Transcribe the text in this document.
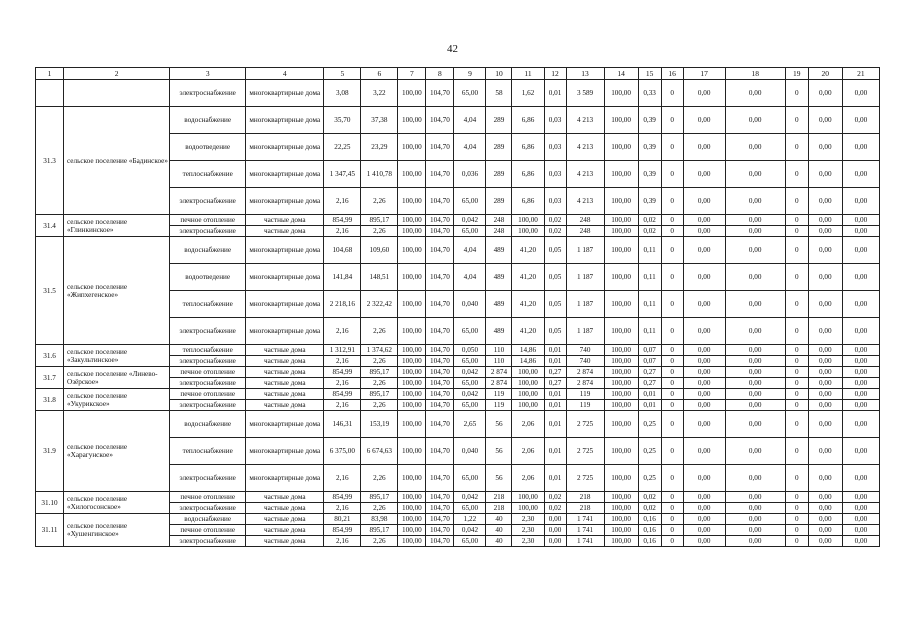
42
1	2	3	4	5	6	7	8	9	10	11	12	13	14	15	16	17	18	19	20	21
		электроснабжение	многоквартирные дома	3,08	3,22	100,00	104,70	65,00	58	1,62	0,01	3 589	100,00	0,33	0	0,00	0,00	0	0,00	0,00
31.3	сельское поселение «Бадинское»	водоснабжение	многоквартирные дома	35,70	37,38	100,00	104,70	4,04	289	6,86	0,03	4 213	100,00	0,39	0	0,00	0,00	0	0,00	0,00
		водоотведение	многоквартирные дома	22,25	23,29	100,00	104,70	4,04	289	6,86	0,03	4 213	100,00	0,39	0	0,00	0,00	0	0,00	0,00
		теплоснабжение	многоквартирные дома	1 347,45	1 410,78	100,00	104,70	0,036	289	6,86	0,03	4 213	100,00	0,39	0	0,00	0,00	0	0,00	0,00
		электроснабжение	многоквартирные дома	2,16	2,26	100,00	104,70	65,00	289	6,86	0,03	4 213	100,00	0,39	0	0,00	0,00	0	0,00	0,00
31.4	сельское поселение «Глинкинское»	печное отопление	частные дома	854,99	895,17	100,00	104,70	0,042	248	100,00	0,02	248	100,00	0,02	0	0,00	0,00	0	0,00	0,00
		электроснабжение	частные дома	2,16	2,26	100,00	104,70	65,00	248	100,00	0,02	248	100,00	0,02	0	0,00	0,00	0	0,00	0,00
31.5	сельское поселение «Жипхегенское»	водоснабжение	многоквартирные дома	104,68	109,60	100,00	104,70	4,04	489	41,20	0,05	1 187	100,00	0,11	0	0,00	0,00	0	0,00	0,00
		водоотведение	многоквартирные дома	141,84	148,51	100,00	104,70	4,04	489	41,20	0,05	1 187	100,00	0,11	0	0,00	0,00	0	0,00	0,00
		теплоснабжение	многоквартирные дома	2 218,16	2 322,42	100,00	104,70	0,040	489	41,20	0,05	1 187	100,00	0,11	0	0,00	0,00	0	0,00	0,00
		электроснабжение	многоквартирные дома	2,16	2,26	100,00	104,70	65,00	489	41,20	0,05	1 187	100,00	0,11	0	0,00	0,00	0	0,00	0,00
31.6	сельское поселение «Закультинское»	теплоснабжение	частные дома	1 312,91	1 374,62	100,00	104,70	0,050	110	14,86	0,01	740	100,00	0,07	0	0,00	0,00	0	0,00	0,00
		электроснабжение	частные дома	2,16	2,26	100,00	104,70	65,00	110	14,86	0,01	740	100,00	0,07	0	0,00	0,00	0	0,00	0,00
31.7	сельское поселение «Линево-Озёрское»	печное отопление	частные дома	854,99	895,17	100,00	104,70	0,042	2 874	100,00	0,27	2 874	100,00	0,27	0	0,00	0,00	0	0,00	0,00
		электроснабжение	частные дома	2,16	2,26	100,00	104,70	65,00	2 874	100,00	0,27	2 874	100,00	0,27	0	0,00	0,00	0	0,00	0,00
31.8	сельское поселение «Укурикское»	печное отопление	частные дома	854,99	895,17	100,00	104,70	0,042	119	100,00	0,01	119	100,00	0,01	0	0,00	0,00	0	0,00	0,00
		электроснабжение	частные дома	2,16	2,26	100,00	104,70	65,00	119	100,00	0,01	119	100,00	0,01	0	0,00	0,00	0	0,00	0,00
31.9	сельское поселение «Харагунское»	водоснабжение	многоквартирные дома	146,31	153,19	100,00	104,70	2,65	56	2,06	0,01	2 725	100,00	0,25	0	0,00	0,00	0	0,00	0,00
		теплоснабжение	многоквартирные дома	6 375,00	6 674,63	100,00	104,70	0,040	56	2,06	0,01	2 725	100,00	0,25	0	0,00	0,00	0	0,00	0,00
		электроснабжение	многоквартирные дома	2,16	2,26	100,00	104,70	65,00	56	2,06	0,01	2 725	100,00	0,25	0	0,00	0,00	0	0,00	0,00
31.10	сельское поселение «Хилогосонское»	печное отопление	частные дома	854,99	895,17	100,00	104,70	0,042	218	100,00	0,02	218	100,00	0,02	0	0,00	0,00	0	0,00	0,00
		электроснабжение	частные дома	2,16	2,26	100,00	104,70	65,00	218	100,00	0,02	218	100,00	0,02	0	0,00	0,00	0	0,00	0,00
31.11	сельское поселение «Хушенгинское»	водоснабжение	частные дома	80,21	83,98	100,00	104,70	1,22	40	2,30	0,00	1 741	100,00	0,16	0	0,00	0,00	0	0,00	0,00
		печное отопление	частные дома	854,99	895,17	100,00	104,70	0,042	40	2,30	0,00	1 741	100,00	0,16	0	0,00	0,00	0	0,00	0,00
		электроснабжение	частные дома	2,16	2,26	100,00	104,70	65,00	40	2,30	0,00	1 741	100,00	0,16	0	0,00	0,00	0	0,00	0,00
